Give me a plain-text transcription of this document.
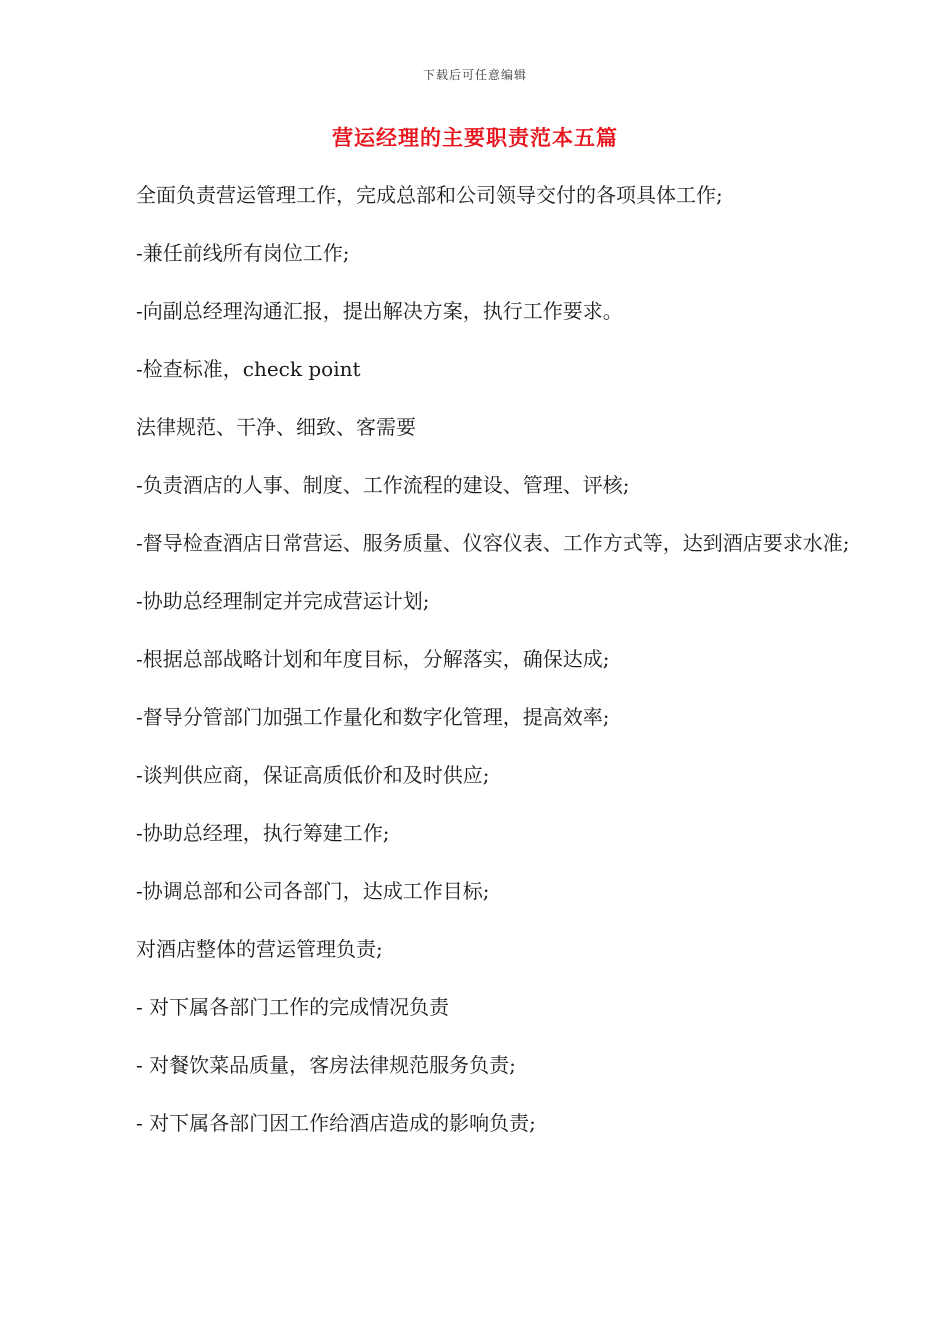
下载后可任意编辑
营运经理的主要职责范本五篇

全面负责营运管理工作，完成总部和公司领导交付的各项具体工作;

-兼任前线所有岗位工作;

-向副总经理沟通汇报，提出解决方案，执行工作要求。

-检查标准，check point

法律规范、干净、细致、客需要

-负责酒店的人事、制度、工作流程的建设、管理、评核;

-督导检查酒店日常营运、服务质量、仪容仪表、工作方式等，达到酒店要求水准;

-协助总经理制定并完成营运计划;

-根据总部战略计划和年度目标，分解落实，确保达成;

-督导分管部门加强工作量化和数字化管理，提高效率;

-谈判供应商，保证高质低价和及时供应;

-协助总经理，执行筹建工作;

-协调总部和公司各部门，达成工作目标;

对酒店整体的营运管理负责;

- 对下属各部门工作的完成情况负责

- 对餐饮菜品质量，客房法律规范服务负责;

- 对下属各部门因工作给酒店造成的影响负责;
